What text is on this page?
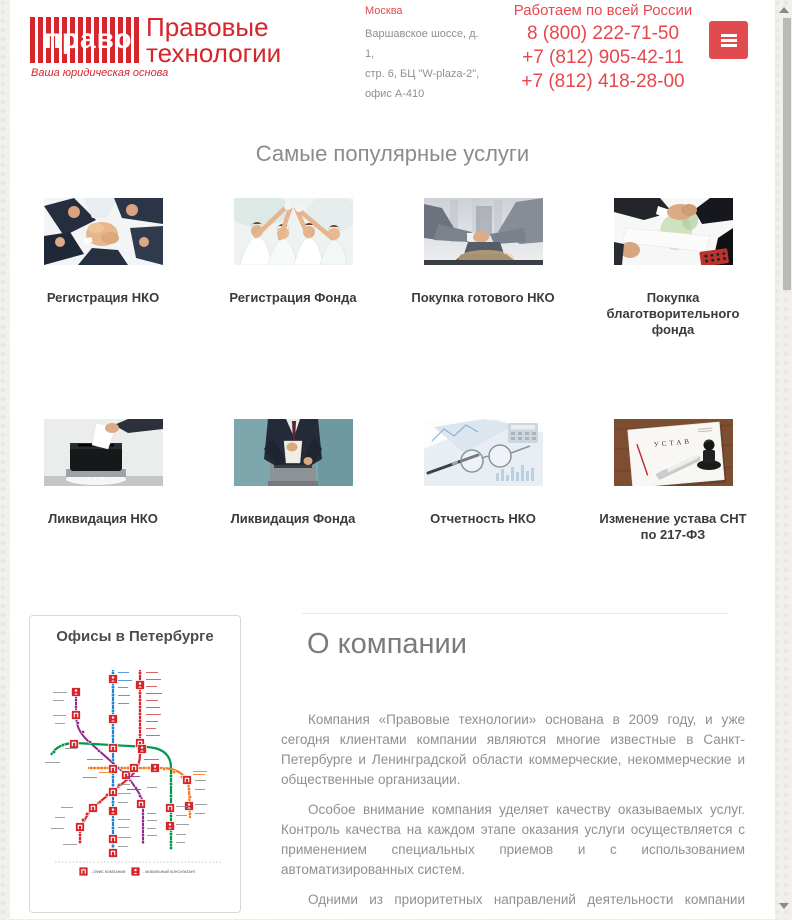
право Правовые
технологии
Ваша юридическая основа
Москва
Варшавское шоссе, д. 1,
стр. 6, БЦ "W-plaza-2",
офис А-410
Работаем по всей России
8 (800) 222-71-50
+7 (812) 905-42-11
+7 (812) 418-28-00
Самые популярные услуги
Регистрация НКО	Регистрация Фонда	Покупка готового НКО	Покупка благотворительного фонда
Ликвидация НКО	Ликвидация Фонда	Отчетность НКО
УСТАВ
Изменение устава СНТ по 217-ФЗ
Офисы в Петербурге
- ОФИС КОМПАНИИ	- МОБИЛЬНЫЙ КОНСУЛЬТАНТ
О компании

Компания «Правовые технологии» основана в 2009 году, и уже сегодня клиентами компании являются многие известные в Санкт-Петербурге и Ленинградской области коммерческие, некоммерческие и общественные организации.

Особое внимание компания уделяет качеству оказываемых услуг. Контроль качества на каждом этапе оказания услуги осуществляется с применением специальных приемов и с использованием автоматизированных систем.

Одними из приоритетных направлений деятельности компании
